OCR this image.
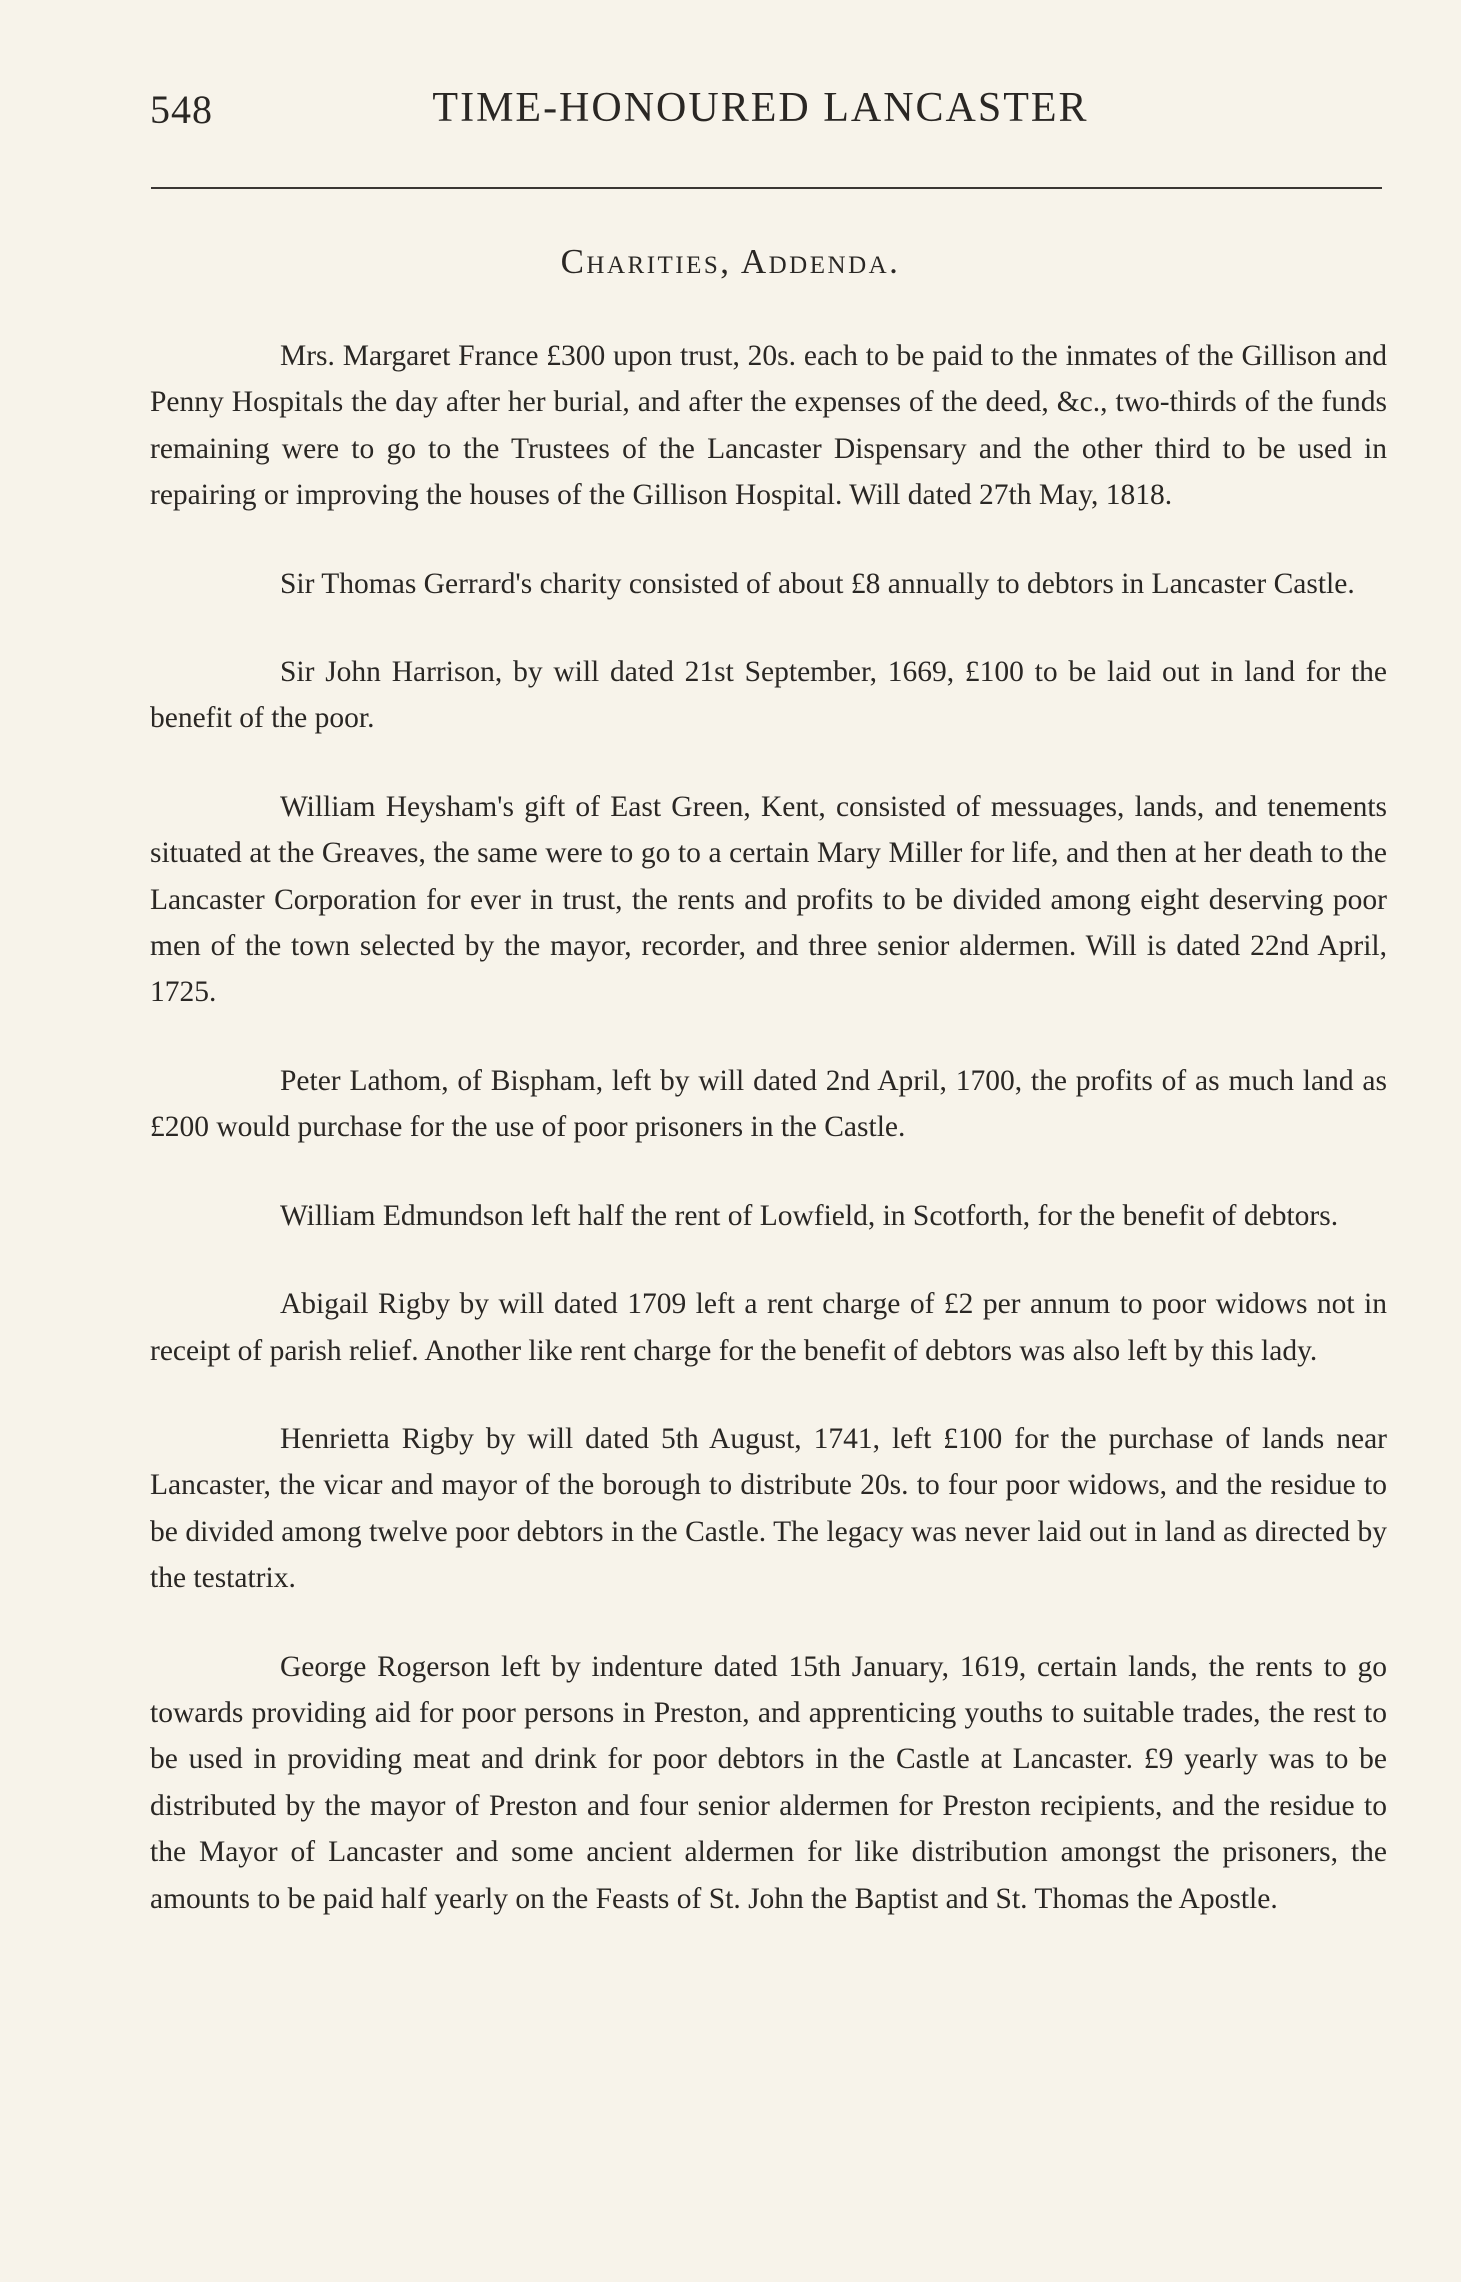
548	TIME-HONOURED LANCASTER
Charities, Addenda.

Mrs. Margaret France £300 upon trust, 20s. each to be paid to the inmates of the Gillison and Penny Hospitals the day after her burial, and after the expenses of the deed, &c., two-thirds of the funds remaining were to go to the Trustees of the Lancaster Dispensary and the other third to be used in repairing or improving the houses of the Gillison Hospital. Will dated 27th May, 1818.

Sir Thomas Gerrard's charity consisted of about £8 annually to debtors in Lancaster Castle.

Sir John Harrison, by will dated 21st September, 1669, £100 to be laid out in land for the benefit of the poor.

William Heysham's gift of East Green, Kent, consisted of messuages, lands, and tenements situated at the Greaves, the same were to go to a certain Mary Miller for life, and then at her death to the Lancaster Corporation for ever in trust, the rents and profits to be divided among eight deserving poor men of the town selected by the mayor, recorder, and three senior aldermen. Will is dated 22nd April, 1725.

Peter Lathom, of Bispham, left by will dated 2nd April, 1700, the profits of as much land as £200 would purchase for the use of poor prisoners in the Castle.

William Edmundson left half the rent of Lowfield, in Scotforth, for the benefit of debtors.

Abigail Rigby by will dated 1709 left a rent charge of £2 per annum to poor widows not in receipt of parish relief. Another like rent charge for the benefit of debtors was also left by this lady.

Henrietta Rigby by will dated 5th August, 1741, left £100 for the purchase of lands near Lancaster, the vicar and mayor of the borough to distribute 20s. to four poor widows, and the residue to be divided among twelve poor debtors in the Castle. The legacy was never laid out in land as directed by the testatrix.

George Rogerson left by indenture dated 15th January, 1619, certain lands, the rents to go towards providing aid for poor persons in Preston, and apprenticing youths to suitable trades, the rest to be used in providing meat and drink for poor debtors in the Castle at Lancaster. £9 yearly was to be distributed by the mayor of Preston and four senior aldermen for Preston recipients, and the residue to the Mayor of Lancaster and some ancient aldermen for like distribution amongst the prisoners, the amounts to be paid half yearly on the Feasts of St. John the Baptist and St. Thomas the Apostle.
